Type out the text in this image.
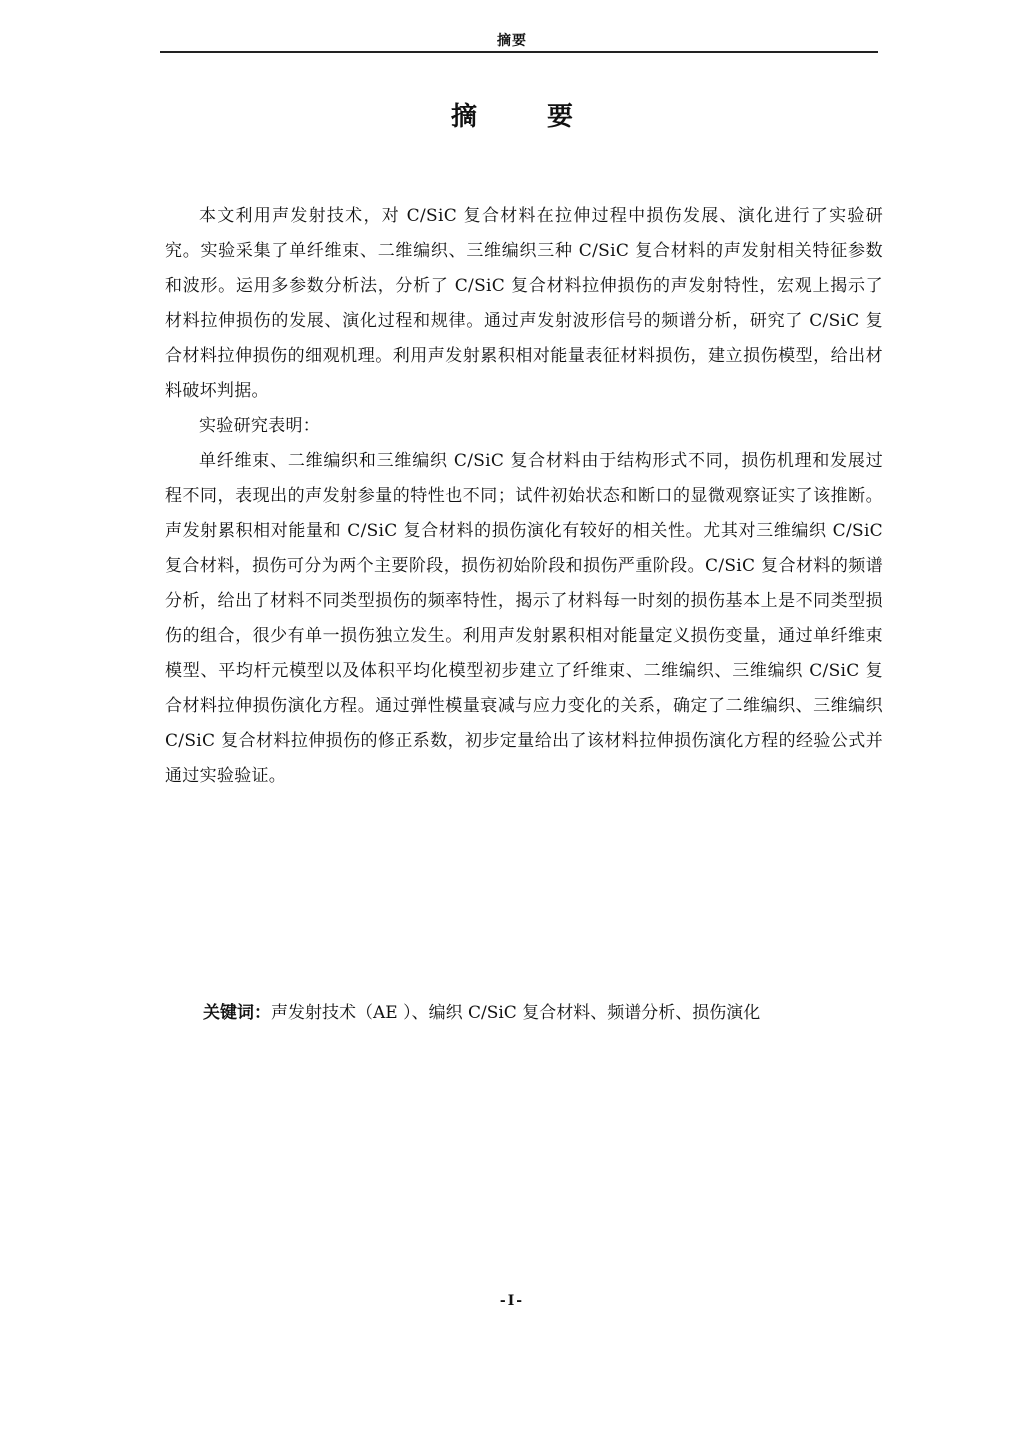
摘要
摘	要

本文利用声发射技术，对 C/SiC 复合材料在拉伸过程中损伤发展、演化进行了实验研究。实验采集了单纤维束、二维编织、三维编织三种 C/SiC 复合材料的声发射相关特征参数和波形。运用多参数分析法，分析了 C/SiC 复合材料拉伸损伤的声发射特性，宏观上揭示了材料拉伸损伤的发展、演化过程和规律。通过声发射波形信号的频谱分析，研究了 C/SiC 复合材料拉伸损伤的细观机理。利用声发射累积相对能量表征材料损伤，建立损伤模型，给出材料破坏判据。

实验研究表明：

单纤维束、二维编织和三维编织 C/SiC 复合材料由于结构形式不同，损伤机理和发展过程不同，表现出的声发射参量的特性也不同；试件初始状态和断口的显微观察证实了该推断。声发射累积相对能量和 C/SiC 复合材料的损伤演化有较好的相关性。尤其对三维编织 C/SiC 复合材料，损伤可分为两个主要阶段，损伤初始阶段和损伤严重阶段。C/SiC 复合材料的频谱分析，给出了材料不同类型损伤的频率特性，揭示了材料每一时刻的损伤基本上是不同类型损伤的组合，很少有单一损伤独立发生。利用声发射累积相对能量定义损伤变量，通过单纤维束模型、平均杆元模型以及体积平均化模型初步建立了纤维束、二维编织、三维编织 C/SiC 复合材料拉伸损伤演化方程。通过弹性模量衰减与应力变化的关系，确定了二维编织、三维编织 C/SiC 复合材料拉伸损伤的修正系数，初步定量给出了该材料拉伸损伤演化方程的经验公式并通过实验验证。

关键词：声发射技术（AE ）、编织 C/SiC 复合材料、频谱分析、损伤演化
-I-
